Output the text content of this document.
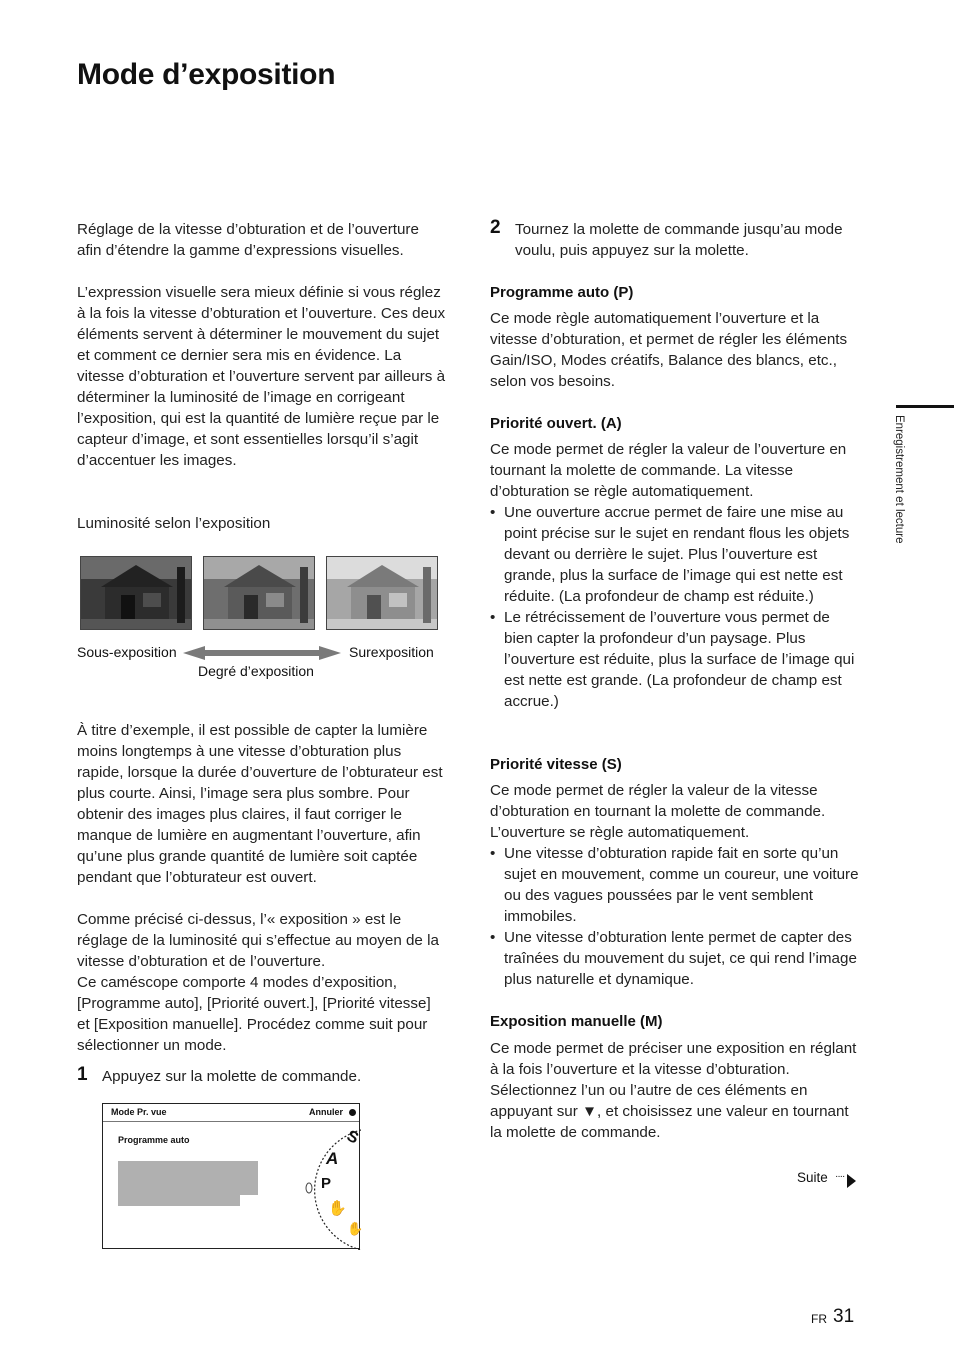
Mode d’exposition
Enregistrement et lecture
Réglage de la vitesse d’obturation et de l’ouverture afin d’étendre la gamme d’expressions visuelles.
L’expression visuelle sera mieux définie si vous réglez à la fois la vitesse d’obturation et l’ouverture. Ces deux éléments servent à déterminer le mouvement du sujet et comment ce dernier sera mis en évidence. La vitesse d’obturation et l’ouverture servent par ailleurs à déterminer la luminosité de l’image en corrigeant l’exposition, qui est la quantité de lumière reçue par le capteur d’image, et sont essentielles lorsqu’il s’agit d’accentuer les images.
Luminosité selon l’exposition
Sous-exposition	Surexposition
Degré d’exposition
À titre d’exemple, il est possible de capter la lumière moins longtemps à une vitesse d’obturation plus rapide, lorsque la durée d’ouverture de l’obturateur est plus courte. Ainsi, l’image sera plus sombre. Pour obtenir des images plus claires, il faut corriger le manque de lumière en augmentant l’ouverture, afin qu’une plus grande quantité de lumière soit captée pendant que l’obturateur est ouvert.
Comme précisé ci-dessus, l’« exposition » est le réglage de la luminosité qui s’effectue au moyen de la vitesse d’obturation et de l’ouverture.
Ce caméscope comporte 4 modes d’exposition, [Programme auto], [Priorité ouvert.], [Priorité vitesse] et [Exposition manuelle]. Procédez comme suit pour sélectionner un mode.
1 Appuyez sur la molette de commande.
Mode Pr. vue	Annuler
Programme auto	S
A
P
✋
✋
2 Tournez la molette de commande jusqu’au mode voulu, puis appuyez sur la molette.
Programme auto (P)
Ce mode règle automatiquement l’ouverture et la vitesse d’obturation, et permet de régler les éléments Gain/ISO, Modes créatifs, Balance des blancs, etc., selon vos besoins.
Priorité ouvert. (A)
Ce mode permet de régler la valeur de l’ouverture en tournant la molette de commande. La vitesse d’obturation se règle automatiquement.
• Une ouverture accrue permet de faire une mise au point précise sur le sujet en rendant flous les objets devant ou derrière le sujet. Plus l’ouverture est grande, plus la surface de l’image qui est nette est réduite. (La profondeur de champ est réduite.)
• Le rétrécissement de l’ouverture vous permet de bien capter la profondeur d’un paysage. Plus l’ouverture est réduite, plus la surface de l’image qui est nette est grande. (La profondeur de champ est accrue.)
Priorité vitesse (S)
Ce mode permet de régler la valeur de la vitesse d’obturation en tournant la molette de commande. L’ouverture se règle automatiquement.
• Une vitesse d’obturation rapide fait en sorte qu’un sujet en mouvement, comme un coureur, une voiture ou des vagues poussées par le vent semblent immobiles.
• Une vitesse d’obturation lente permet de capter des traînées du mouvement du sujet, ce qui rend l’image plus naturelle et dynamique.
Exposition manuelle (M)
Ce mode permet de préciser une exposition en réglant à la fois l’ouverture et la vitesse d’obturation. Sélectionnez l’un ou l’autre de ces éléments en appuyant sur ▼, et choisissez une valeur en tournant la molette de commande.
Suite ····
FR 31
